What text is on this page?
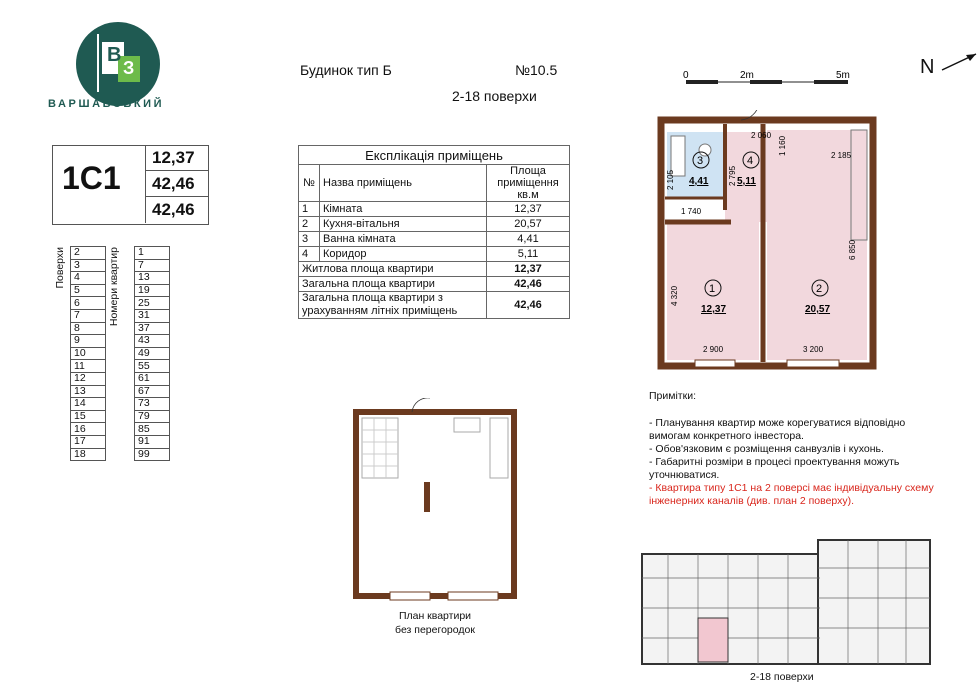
В
З
ВАРШАВСЬКИЙ
1С1
12,37
42,46
42,46
Поверхи	2	Номери квартир	1
	3		7
	4		13
	5		19
	6		25
	7		31
	8		37
	9		43
	10		49
	11		55
	12		61
	13		67
	14		73
	15		79
	16		85
	17		91
	18		99
Будинок тип Б	№10.5
2-18 поверхи
Експлікація приміщень		
№	Назва приміщень	Площа приміщення кв.м
1	Кімната	12,37
2	Кухня-вітальня	20,57
3	Ванна кімната	4,41
4	Коридор	5,11
Житлова площа квартири		12,37
Загальна площа квартири		42,46
Загальна площа квартири з урахуванням літніх приміщень		42,46
0	2m	5m	N
2 060
2 185
6 850
4 320
2 900	3 200
1 740
2 795
2 105
1 160
1
12,37
2
20,57
3
4,41
4
5,11
План квартири
без перегородок
Примітки:
- Планування квартир може корегуватися відповідно вимогам конкретного інвестора.
- Обов'язковим є розміщення санвузлів і кухонь.
- Габаритні розміри в процесі проектування можуть уточнюватися.
- Квартира типу 1С1 на 2 поверсі має індивідуальну схему інженерних каналів (див. план 2 поверху).
2-18 поверхи
